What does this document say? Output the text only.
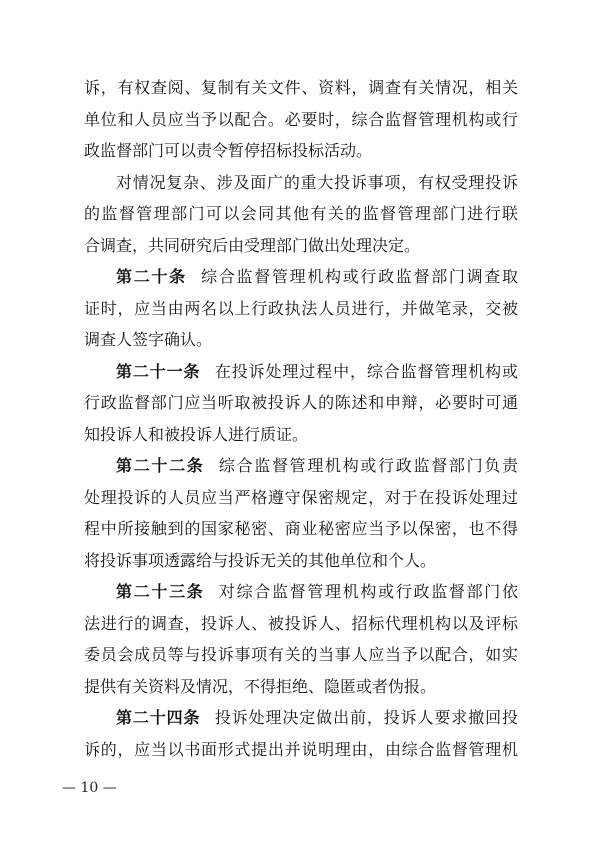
诉，有权查阅、复制有关文件、资料，调查有关情况，相关
单位和人员应当予以配合。必要时，综合监督管理机构或行
政监督部门可以责令暂停招标投标活动。
对情况复杂、涉及面广的重大投诉事项，有权受理投诉
的监督管理部门可以会同其他有关的监督管理部门进行联
合调查，共同研究后由受理部门做出处理决定。
第二十条 综合监督管理机构或行政监督部门调查取
证时，应当由两名以上行政执法人员进行，并做笔录，交被
调查人签字确认。
第二十一条 在投诉处理过程中，综合监督管理机构或
行政监督部门应当听取被投诉人的陈述和申辩，必要时可通
知投诉人和被投诉人进行质证。
第二十二条 综合监督管理机构或行政监督部门负责
处理投诉的人员应当严格遵守保密规定，对于在投诉处理过
程中所接触到的国家秘密、商业秘密应当予以保密，也不得
将投诉事项透露给与投诉无关的其他单位和个人。
第二十三条 对综合监督管理机构或行政监督部门依
法进行的调查，投诉人、被投诉人、招标代理机构以及评标
委员会成员等与投诉事项有关的当事人应当予以配合，如实
提供有关资料及情况，不得拒绝、隐匿或者伪报。
第二十四条 投诉处理决定做出前，投诉人要求撤回投
诉的，应当以书面形式提出并说明理由，由综合监督管理机
— 10 —
